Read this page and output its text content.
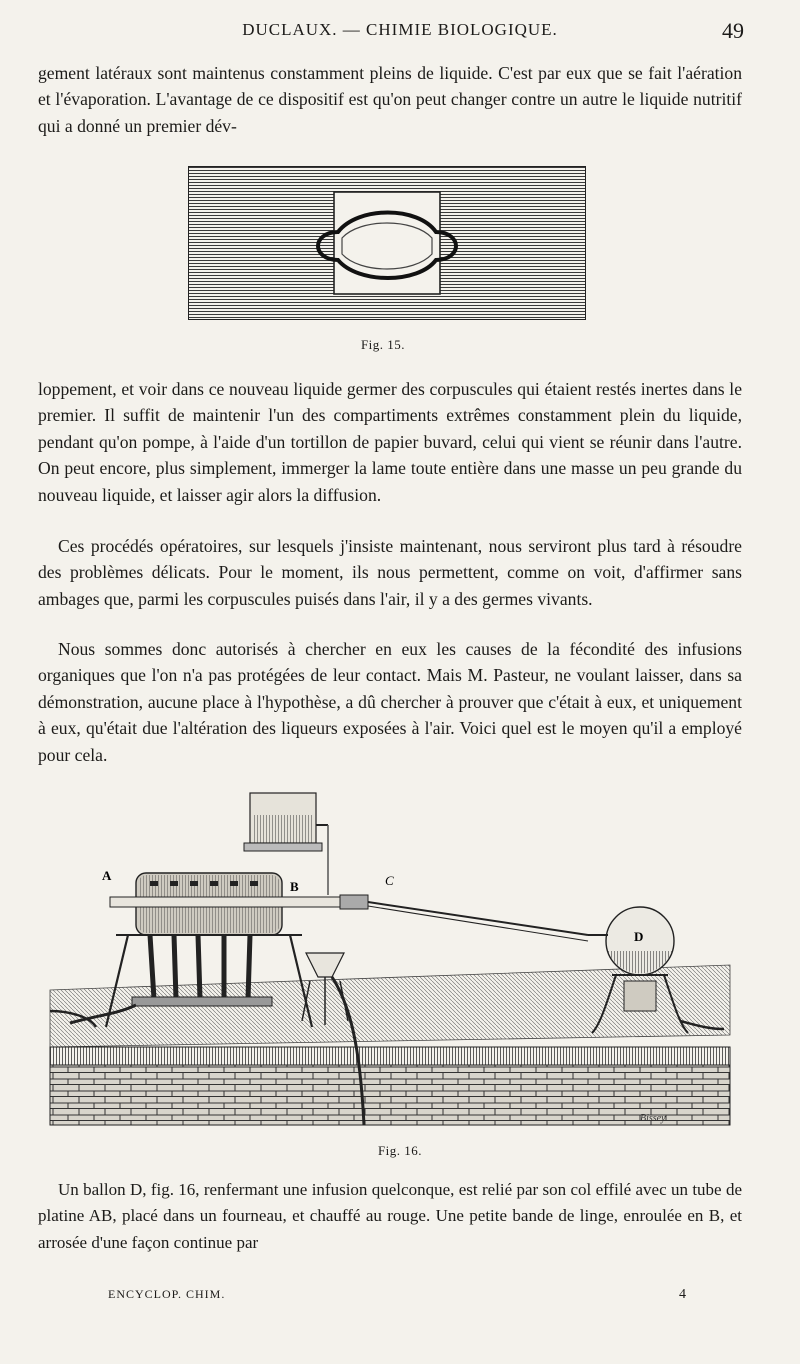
DUCLAUX. — CHIMIE BIOLOGIQUE.	49

gement latéraux sont maintenus constamment pleins de liquide. C'est par eux que se fait l'aération et l'évaporation. L'avantage de ce dispositif est qu'on peut changer contre un autre le liquide nutritif qui a donné un premier dév-

Fig. 15.

loppement, et voir dans ce nouveau liquide germer des corpuscules qui étaient restés inertes dans le premier. Il suffit de maintenir l'un des compartiments extrêmes constamment plein du liquide, pendant qu'on pompe, à l'aide d'un tortillon de papier buvard, celui qui vient se réunir dans l'autre. On peut encore, plus simplement, immerger la lame toute entière dans une masse un peu grande du nouveau liquide, et laisser agir alors la diffusion.

Ces procédés opératoires, sur lesquels j'insiste maintenant, nous serviront plus tard à résoudre des problèmes délicats. Pour le moment, ils nous permettent, comme on voit, d'affirmer sans ambages que, parmi les corpuscules puisés dans l'air, il y a des germes vivants.

Nous sommes donc autorisés à chercher en eux les causes de la fécondité des infusions organiques que l'on n'a pas protégées de leur contact. Mais M. Pasteur, ne voulant laisser, dans sa démonstration, aucune place à l'hypothèse, a dû chercher à prouver que c'était à eux, et uniquement à eux, qu'était due l'altération des liqueurs exposées à l'air. Voici quel est le moyen qu'il a employé pour cela.

A
B	C
D
Bissey
Fig. 16.

Un ballon D, fig. 16, renfermant une infusion quelconque, est relié par son col effilé avec un tube de platine AB, placé dans un fourneau, et chauffé au rouge. Une petite bande de linge, enroulée en B, et arrosée d'une façon continue par

ENCYCLOP. CHIM.	4
